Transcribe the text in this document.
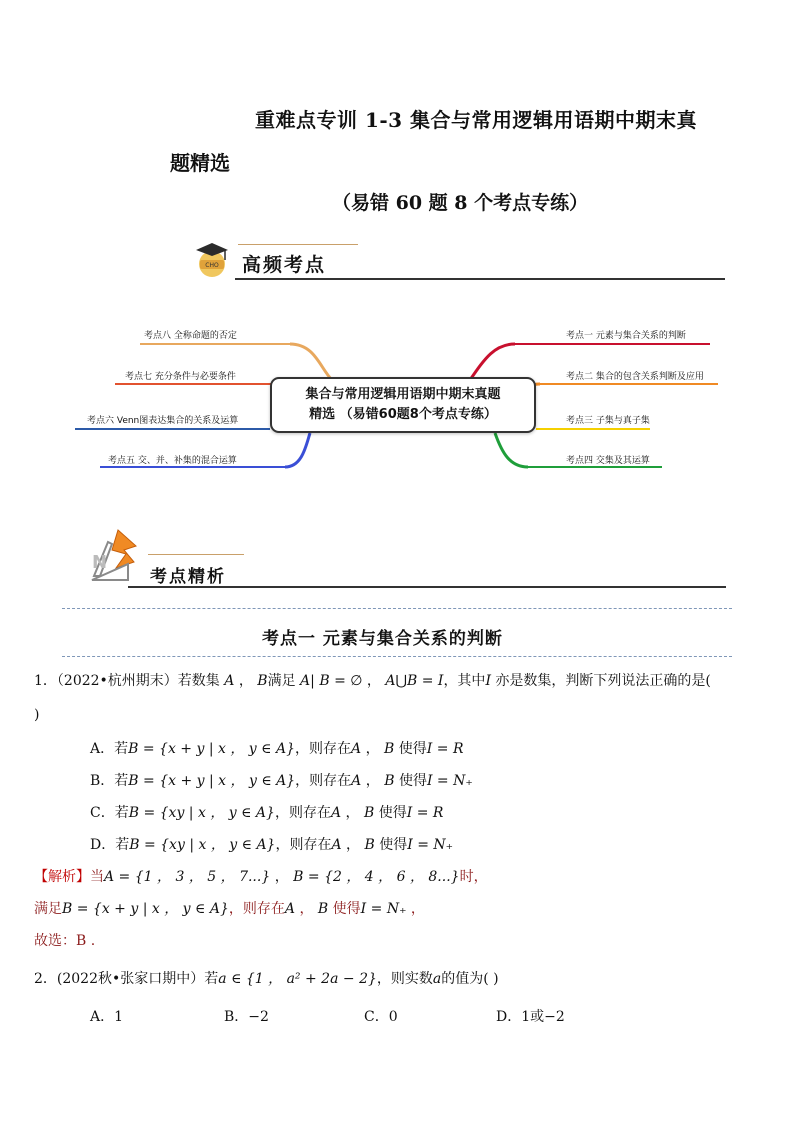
重难点专训 1-3 集合与常用逻辑用语期中期末真
题精选
（易错 60 题 8 个考点专练）
CHO 高频考点
考点八 全称命题的否定
考点七 充分条件与必要条件
考点六 Venn图表达集合的关系及运算
考点五 交、并、补集的混合运算
考点一 元素与集合关系的判断
考点二 集合的包含关系判断及应用
考点三 子集与真子集
考点四 交集及其运算
集合与常用逻辑用语期中期末真题
精选 （易错60题8个考点专练）
N
考点精析
考点一 元素与集合关系的判断
1．（2022•杭州期末）若数集 A ， B满足 A| B = ∅ ， A⋃B = I，其中I 亦是数集，判断下列说法正确的是(
)
A．若B = {x + y | x ， y ∈ A}，则存在A ， B 使得I = R
B．若B = {x + y | x ， y ∈ A}，则存在A ， B 使得I = N₊
C．若B = {xy | x ， y ∈ A}，则存在A ， B 使得I = R
D．若B = {xy | x ， y ∈ A}，则存在A ， B 使得I = N₊
【解析】当A = {1 ， 3 ， 5 ， 7...} ， B = {2 ， 4 ， 6 ， 8...}时，
满足B = {x + y | x ， y ∈ A}，则存在A ， B 使得I = N₊ ，
故选：B .
2．(2022秋•张家口期中）若a ∈ {1 ， a² + 2a − 2}，则实数a的值为( )
A．1	B．−2	C．0	D．1或−2
